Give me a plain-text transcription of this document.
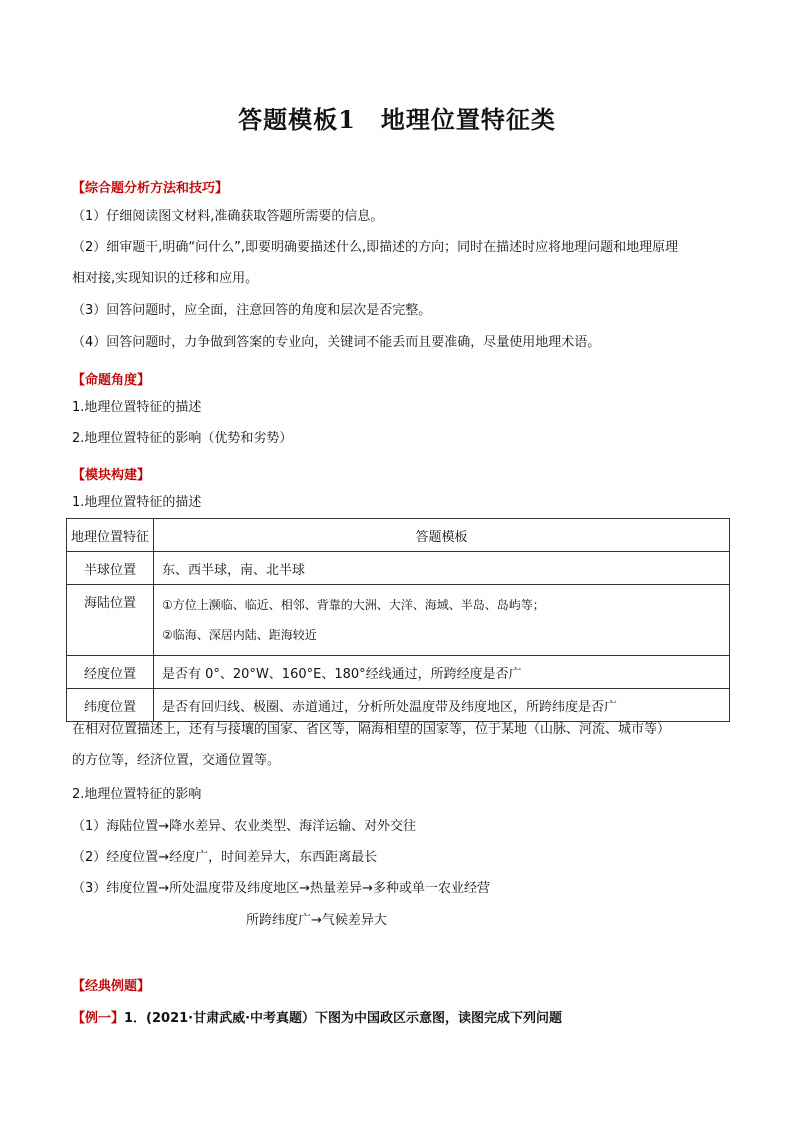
答题模板1　地理位置特征类
【综合题分析方法和技巧】
（1）仔细阅读图文材料,准确获取答题所需要的信息。
（2）细审题干,明确“问什么”,即要明确要描述什么,即描述的方向；同时在描述时应将地理问题和地理原理
相对接,实现知识的迁移和应用。
（3）回答问题时，应全面，注意回答的角度和层次是否完整。
（4）回答问题时，力争做到答案的专业向，关键词不能丢而且要准确，尽量使用地理术语。
【命题角度】
1.地理位置特征的描述
2.地理位置特征的影响（优势和劣势）
【模块构建】
1.地理位置特征的描述
地理位置特征	答题模板
半球位置	东、西半球，南、北半球
海陆位置	①方位上濒临、临近、相邻、背靠的大洲、大洋、海域、半岛、岛屿等；
②临海、深居内陆、距海较近

经度位置	是否有 0°、20°W、160°E、180°经线通过，所跨经度是否广
纬度位置	是否有回归线、极圈、赤道通过，分析所处温度带及纬度地区，所跨纬度是否广
在相对位置描述上，还有与接壤的国家、省区等，隔海相望的国家等，位于某地（山脉、河流、城市等）
的方位等，经济位置，交通位置等。
2.地理位置特征的影响
（1）海陆位置→降水差异、农业类型、海洋运输、对外交往
（2）经度位置→经度广，时间差异大，东西距离最长
（3）纬度位置→所处温度带及纬度地区→热量差异→多种或单一农业经营
所跨纬度广→气候差异大
【经典例题】
【例一】1．(2021·甘肃武威·中考真题）下图为中国政区示意图，读图完成下列问题
